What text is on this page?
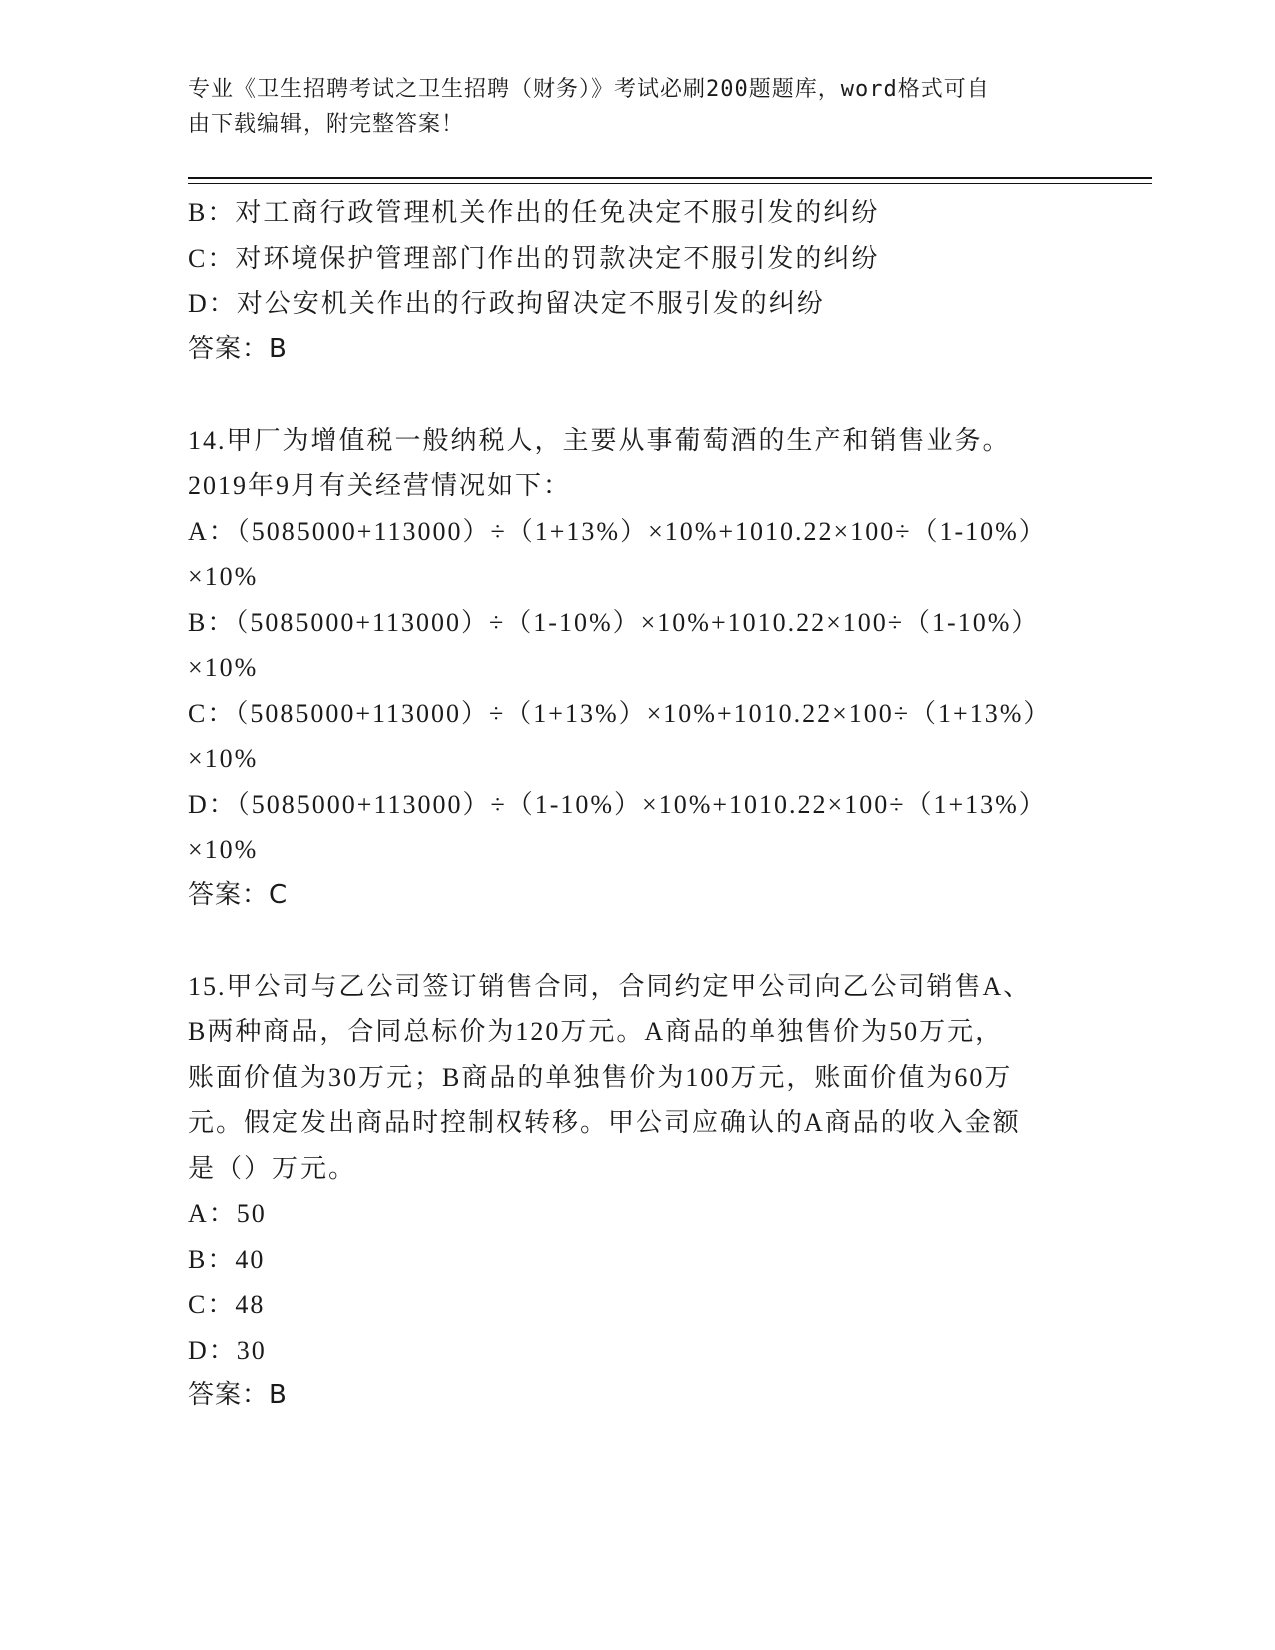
专业《卫生招聘考试之卫生招聘（财务）》考试必刷200题题库，word格式可自
由下载编辑，附完整答案！
B：对工商行政管理机关作出的任免决定不服引发的纠纷
C：对环境保护管理部门作出的罚款决定不服引发的纠纷
D：对公安机关作出的行政拘留决定不服引发的纠纷
答案：B
14.甲厂为增值税一般纳税人，主要从事葡萄酒的生产和销售业务。
2019年9月有关经营情况如下：
A：（5085000+113000）÷（1+13%）×10%+1010.22×100÷（1-10%）
×10%
B：（5085000+113000）÷（1-10%）×10%+1010.22×100÷（1-10%）
×10%
C：（5085000+113000）÷（1+13%）×10%+1010.22×100÷（1+13%）
×10%
D：（5085000+113000）÷（1-10%）×10%+1010.22×100÷（1+13%）
×10%
答案：C
15.甲公司与乙公司签订销售合同，合同约定甲公司向乙公司销售A、
B两种商品，合同总标价为120万元。A商品的单独售价为50万元，
账面价值为30万元；B商品的单独售价为100万元，账面价值为60万
元。假定发出商品时控制权转移。甲公司应确认的A商品的收入金额
是（）万元。
A：50
B：40
C：48
D：30
答案：B
